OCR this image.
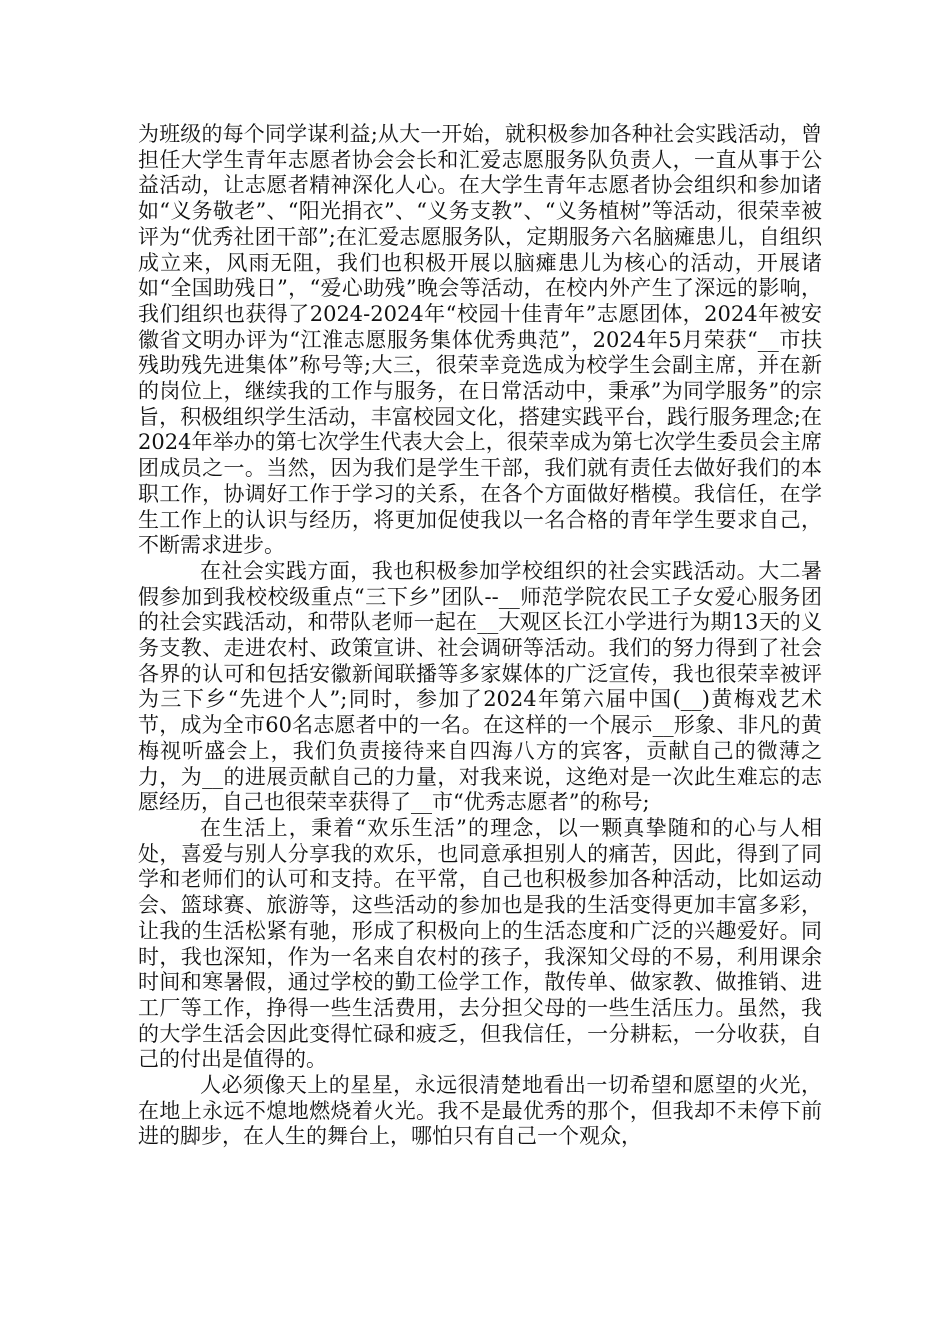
为班级的每个同学谋利益;从大一开始，就积极参加各种社会实践活动，曾担任大学生青年志愿者协会会长和汇爱志愿服务队负责人，一直从事于公益活动，让志愿者精神深化人心。在大学生青年志愿者协会组织和参加诸如“义务敬老”、“阳光捐衣”、“义务支教”、“义务植树”等活动，很荣幸被评为“优秀社团干部”;在汇爱志愿服务队，定期服务六名脑瘫患儿，自组织成立来，风雨无阻，我们也积极开展以脑瘫患儿为核心的活动，开展诸如“全国助残日”，“爱心助残”晚会等活动，在校内外产生了深远的影响，我们组织也获得了2024-2024年“校园十佳青年”志愿团体，2024年被安徽省文明办评为“江淮志愿服务集体优秀典范”，2024年5月荣获“__市扶残助残先进集体”称号等;大三，很荣幸竞选成为校学生会副主席，并在新的岗位上，继续我的工作与服务，在日常活动中，秉承”为同学服务”的宗旨，积极组织学生活动，丰富校园文化，搭建实践平台，践行服务理念;在2024年举办的第七次学生代表大会上，很荣幸成为第七次学生委员会主席团成员之一。当然，因为我们是学生干部，我们就有责任去做好我们的本职工作，协调好工作于学习的关系，在各个方面做好楷模。我信任，在学生工作上的认识与经历，将更加促使我以一名合格的青年学生要求自己，不断需求进步。

在社会实践方面，我也积极参加学校组织的社会实践活动。大二暑假参加到我校校级重点“三下乡”团队--__师范学院农民工子女爱心服务团的社会实践活动，和带队老师一起在__大观区长江小学进行为期13天的义务支教、走进农村、政策宣讲、社会调研等活动。我们的努力得到了社会各界的认可和包括安徽新闻联播等多家媒体的广泛宣传，我也很荣幸被评为三下乡“先进个人”;同时，参加了2024年第六届中国(__)黄梅戏艺术节，成为全市60名志愿者中的一名。在这样的一个展示__形象、非凡的黄梅视听盛会上，我们负责接待来自四海八方的宾客，贡献自己的微薄之力，为__的进展贡献自己的力量，对我来说，这绝对是一次此生难忘的志愿经历，自己也很荣幸获得了__市“优秀志愿者”的称号;

在生活上，秉着“欢乐生活”的理念，以一颗真挚随和的心与人相处，喜爱与别人分享我的欢乐，也同意承担别人的痛苦，因此，得到了同学和老师们的认可和支持。在平常，自己也积极参加各种活动，比如运动会、篮球赛、旅游等，这些活动的参加也是我的生活变得更加丰富多彩，让我的生活松紧有驰，形成了积极向上的生活态度和广泛的兴趣爱好。同时，我也深知，作为一名来自农村的孩子，我深知父母的不易，利用课余时间和寒暑假，通过学校的勤工俭学工作，散传单、做家教、做推销、进工厂等工作，挣得一些生活费用，去分担父母的一些生活压力。虽然，我的大学生活会因此变得忙碌和疲乏，但我信任，一分耕耘，一分收获，自己的付出是值得的。

人必须像天上的星星，永远很清楚地看出一切希望和愿望的火光，在地上永远不熄地燃烧着火光。我不是最优秀的那个，但我却不未停下前进的脚步，在人生的舞台上，哪怕只有自己一个观众，
